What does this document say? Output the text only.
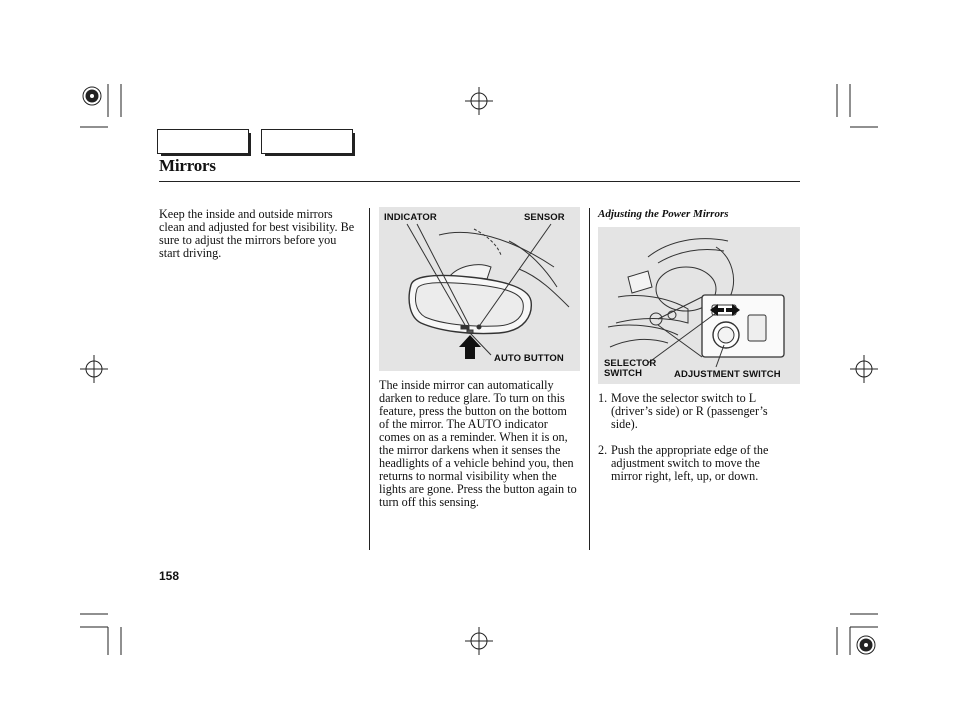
Mirrors

Keep the inside and outside mirrors clean and adjusted for best visibility. Be sure to adjust the mirrors before you start driving.

INDICATOR	SENSOR
AUTO BUTTON

The inside mirror can automatically darken to reduce glare. To turn on this feature, press the button on the bottom of the mirror. The AUTO indicator comes on as a reminder. When it is on, the mirror darkens when it senses the headlights of a vehicle behind you, then returns to normal visibility when the lights are gone. Press the button again to turn off this sensing.

Adjusting the Power Mirrors
SELECTOR SWITCH	ADJUSTMENT SWITCH
1. Move the selector switch to L (driver’s side) or R (passenger’s side).
2. Push the appropriate edge of the adjustment switch to move the mirror right, left, up, or down.
158
